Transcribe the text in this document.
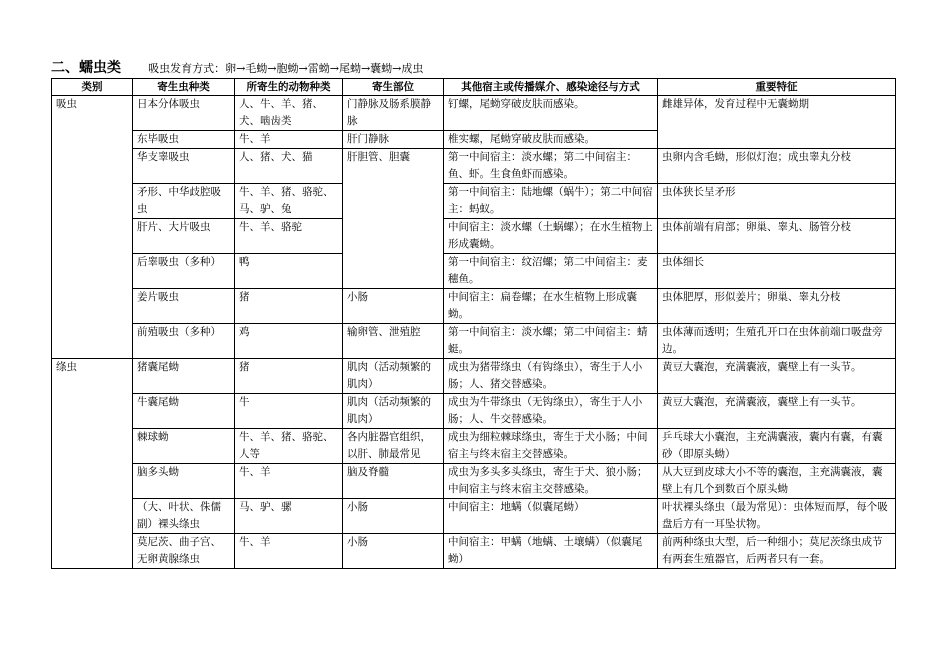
二、蠕虫类 吸虫发育方式：卵→毛蚴→胞蚴→雷蚴→尾蚴→囊蚴→成虫
类别	寄生虫种类	所寄生的动物种类	寄生部位	其他宿主或传播媒介、感染途径与方式	重要特征
吸虫	日本分体吸虫	人、牛、羊、猪、犬、啮齿类	门静脉及肠系膜静脉	钉螺，尾蚴穿破皮肤而感染。	雌雄异体，发育过程中无囊蚴期
	东毕吸虫	牛、羊	肝门静脉	椎实螺，尾蚴穿破皮肤而感染。	
	华支睾吸虫	人、猪、犬、猫	肝胆管、胆囊	第一中间宿主：淡水螺；第二中间宿主：鱼、虾。生食鱼虾而感染。	虫卵内含毛蚴，形似灯泡；成虫睾丸分枝
	矛形、中华歧腔吸虫	牛、羊、猪、骆驼、马、驴、兔		第一中间宿主：陆地螺（蜗牛）；第二中间宿主：蚂蚁。	虫体狭长呈矛形
	肝片、大片吸虫	牛、羊、骆驼		中间宿主：淡水螺（土蜗螺）；在水生植物上形成囊蚴。	虫体前端有肩部；卵巢、睾丸、肠管分枝
	后睾吸虫（多种）	鸭		第一中间宿主：纹沼螺；第二中间宿主：麦穗鱼。	虫体细长
	姜片吸虫	猪	小肠	中间宿主：扁卷螺；在水生植物上形成囊蚴。	虫体肥厚，形似姜片；卵巢、睾丸分枝
	前殖吸虫（多种）	鸡	输卵管、泄殖腔	第一中间宿主：淡水螺；第二中间宿主：蜻蜓。	虫体薄而透明；生殖孔开口在虫体前端口吸盘旁边。
绦虫	猪囊尾蚴	猪	肌肉（活动频繁的肌肉）	成虫为猪带绦虫（有钩绦虫），寄生于人小肠；人、猪交替感染。	黄豆大囊泡，充满囊液，囊壁上有一头节。
	牛囊尾蚴	牛	肌肉（活动频繁的肌肉）	成虫为牛带绦虫（无钩绦虫），寄生于人小肠；人、牛交替感染。	黄豆大囊泡，充满囊液，囊壁上有一头节。
	棘球蚴	牛、羊、猪、骆驼、人等	各内脏器官组织，以肝、肺最常见	成虫为细粒棘球绦虫，寄生于犬小肠；中间宿主与终末宿主交替感染。	乒乓球大小囊泡，主充满囊液，囊内有囊，有囊砂（即原头蚴）
	脑多头蚴	牛、羊	脑及脊髓	成虫为多头多头绦虫，寄生于犬、狼小肠；中间宿主与终末宿主交替感染。	从大豆到皮球大小不等的囊泡，主充满囊液，囊壁上有几个到数百个原头蚴
	（大、叶状、侏儒副）裸头绦虫	马、驴、骡	小肠	中间宿主：地螨（似囊尾蚴）	叶状裸头绦虫（最为常见）：虫体短而厚，每个吸盘后方有一耳坠状物。
	莫尼茨、曲子宫、无卵黄腺绦虫	牛、羊	小肠	中间宿主：甲螨（地螨、土壤螨）（似囊尾蚴）	前两种绦虫大型，后一种细小；莫尼茨绦虫成节有两套生殖器官，后两者只有一套。
